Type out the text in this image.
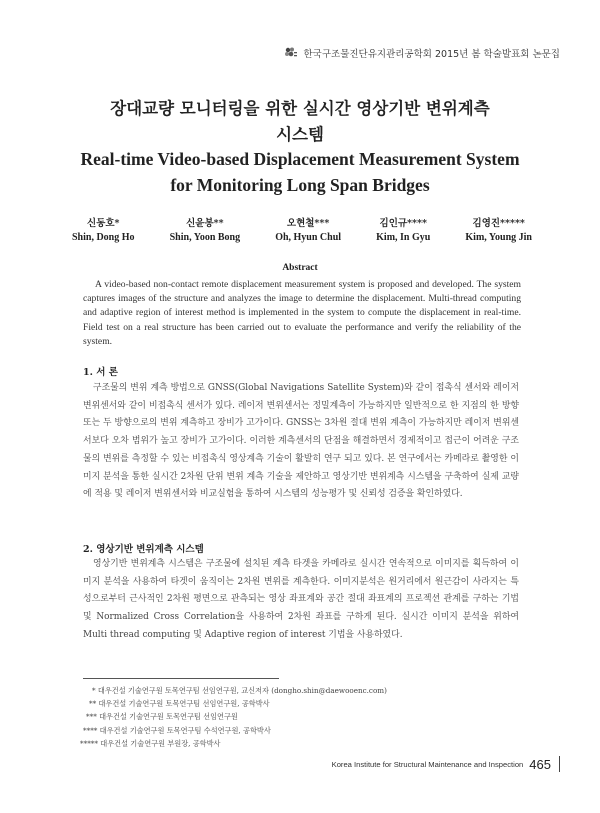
한국구조물진단유지관리공학회 2015년 봄 학술발표회 논문집
장대교량 모니터링을 위한 실시간 영상기반 변위계측
시스템
Real-time Video-based Displacement Measurement System
for Monitoring Long Span Bridges
신동호*
Shin, Dong Ho
신윤봉**
Shin, Yoon Bong
오현철***
Oh, Hyun Chul
김인규****
Kim, In Gyu
김영진*****
Kim, Young Jin
Abstract

A video-based non-contact remote displacement measurement system is proposed and developed. The system captures images of the structure and analyzes the image to determine the displacement. Multi-thread computing and adaptive region of interest method is implemented in the system to compute the displacement in real-time. Field test on a real structure has been carried out to evaluate the performance and verify the reliability of the system.

1. 서 론

구조물의 변위 계측 방법으로 GNSS(Global Navigations Satellite System)와 같이 접촉식 센서와 레이저 변위센서와 같이 비접촉식 센서가 있다. 레이저 변위센서는 정밀계측이 가능하지만 일반적으로 한 지점의 한 방향 또는 두 방향으로의 변위 계측하고 장비가 고가이다. GNSS는 3차원 절대 변위 계측이 가능하지만 레이저 변위센서보다 오차 범위가 높고 장비가 고가이다. 이러한 계측센서의 단점을 해결하면서 경제적이고 접근이 어려운 구조물의 변위를 측정할 수 있는 비접촉식 영상계측 기술이 활발히 연구 되고 있다. 본 연구에서는 카메라로 촬영한 이미지 분석을 통한 실시간 2차원 단위 변위 계측 기술을 제안하고 영상기반 변위계측 시스템을 구축하여 실제 교량에 적용 및 레이저 변위센서와 비교실험을 통하여 시스템의 성능평가 및 신뢰성 검증을 확인하였다.

2. 영상기반 변위계측 시스템

영상기반 변위계측 시스템은 구조물에 설치된 계측 타겟을 카메라로 실시간 연속적으로 이미지를 획득하여 이미지 분석을 사용하여 타겟이 움직이는 2차원 변위를 계측한다. 이미지분석은 원거리에서 원근감이 사라지는 특성으로부터 근사적인 2차원 평면으로 관측되는 영상 좌표계와 공간 절대 좌표계의 프로젝션 관계를 구하는 기법 및 Normalized Cross Correlation을 사용하여 2차원 좌표를 구하게 된다. 실시간 이미지 분석을 위하여 Multi thread computing 및 Adaptive region of interest 기법을 사용하였다.

* 대우건설 기술연구원 토목연구팀 선임연구원, 교신저자 (dongho.shin@daewooenc.com)
** 대우건설 기술연구원 토목연구팀 선임연구원, 공학박사
*** 대우건설 기술연구원 토목연구팀 선임연구원
**** 대우건설 기술연구원 토목연구팀 수석연구원, 공학박사
***** 대우건설 기술연구원 부원장, 공학박사
Korea Institute for Structural Maintenance and Inspection 465
